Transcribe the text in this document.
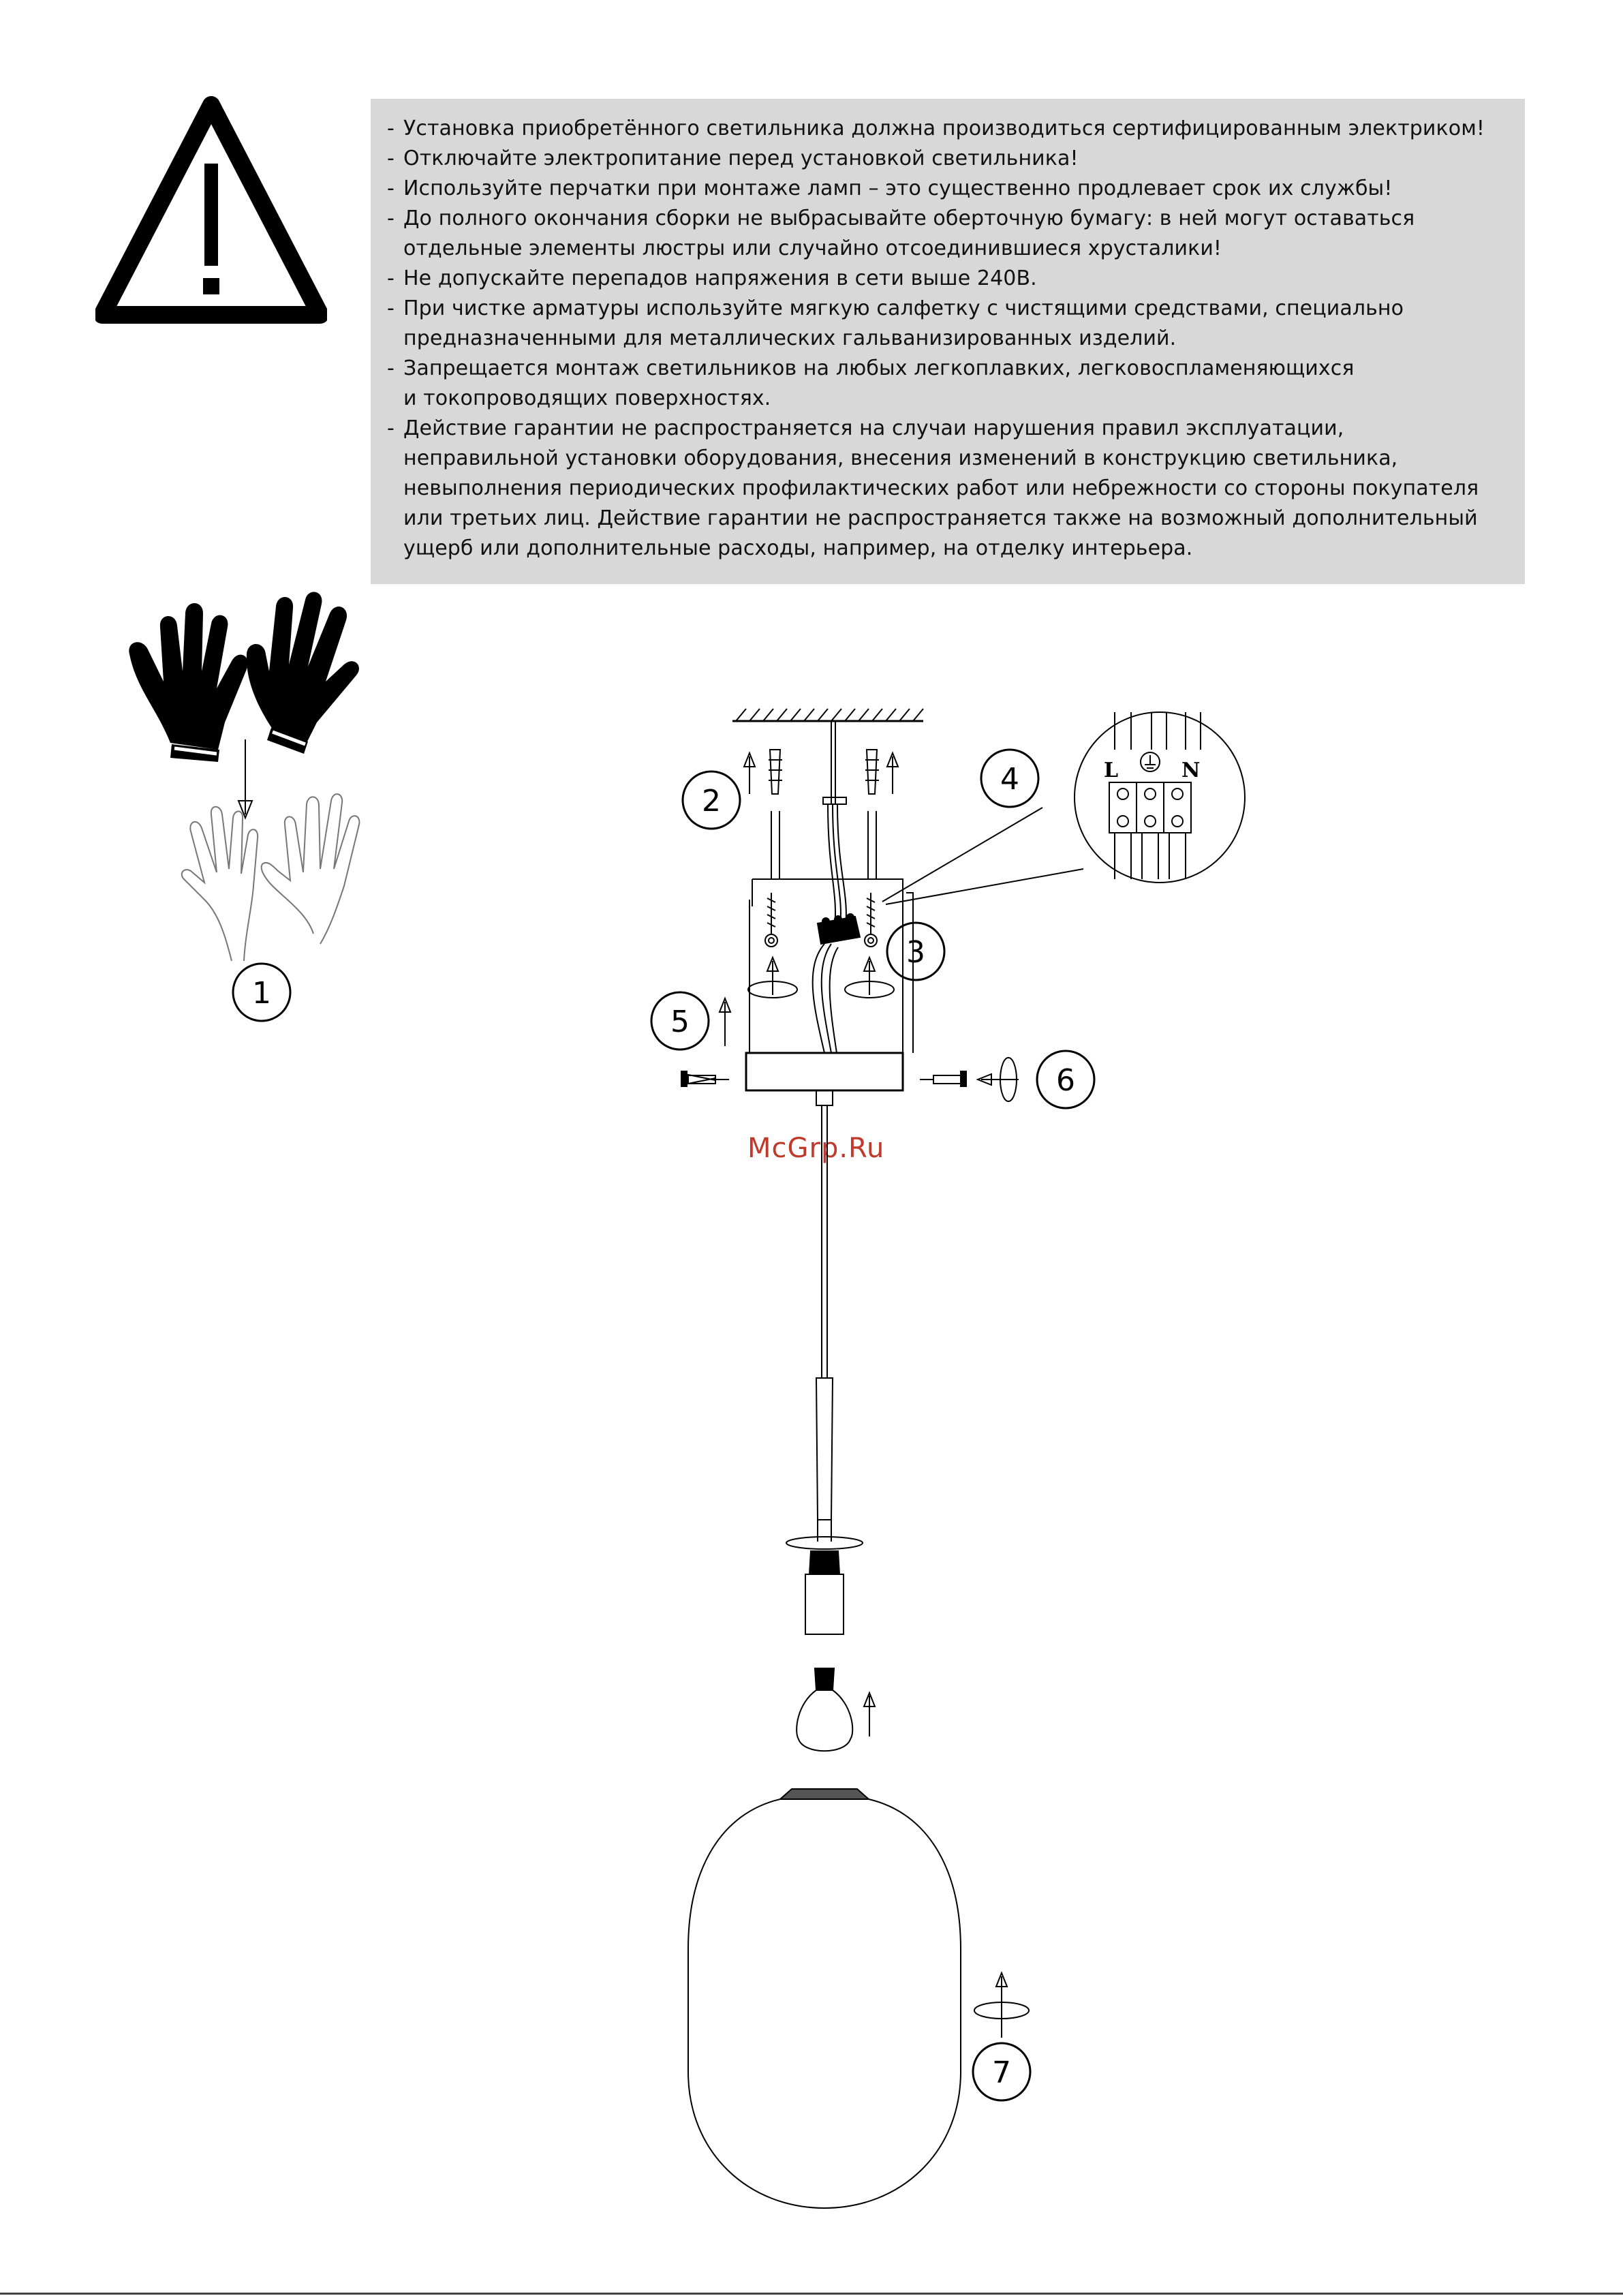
- Установка приобретённого светильника должна производиться сертифицированным электриком!
- Отключайте электропитание перед установкой светильника!
- Используйте перчатки при монтаже ламп – это существенно продлевает срок их службы!
- До полного окончания сборки не выбрасывайте оберточную бумагу: в ней могут оставаться
отдельные элементы люстры или случайно отсоединившиеся хрусталики!
- Не допускайте перепадов напряжения в сети выше 240В.
- При чистке арматуры используйте мягкую салфетку с чистящими средствами, специально
предназначенными для металлических гальванизированных изделий.
- Запрещается монтаж светильников на любых легкоплавких, легковоспламеняющихся
и токопроводящих поверхностях.
- Действие гарантии не распространяется на случаи нарушения правил эксплуатации,
неправильной установки оборудования, внесения изменений в конструкцию светильника,
невыполнения периодических профилактических работ или небрежности со стороны покупателя
или третьих лиц. Действие гарантии не распространяется также на возможный дополнительный
ущерб или дополнительные расходы, например, на отделку интерьера.
1
2
3
L	N
4
5
6
McGrp.Ru
7
